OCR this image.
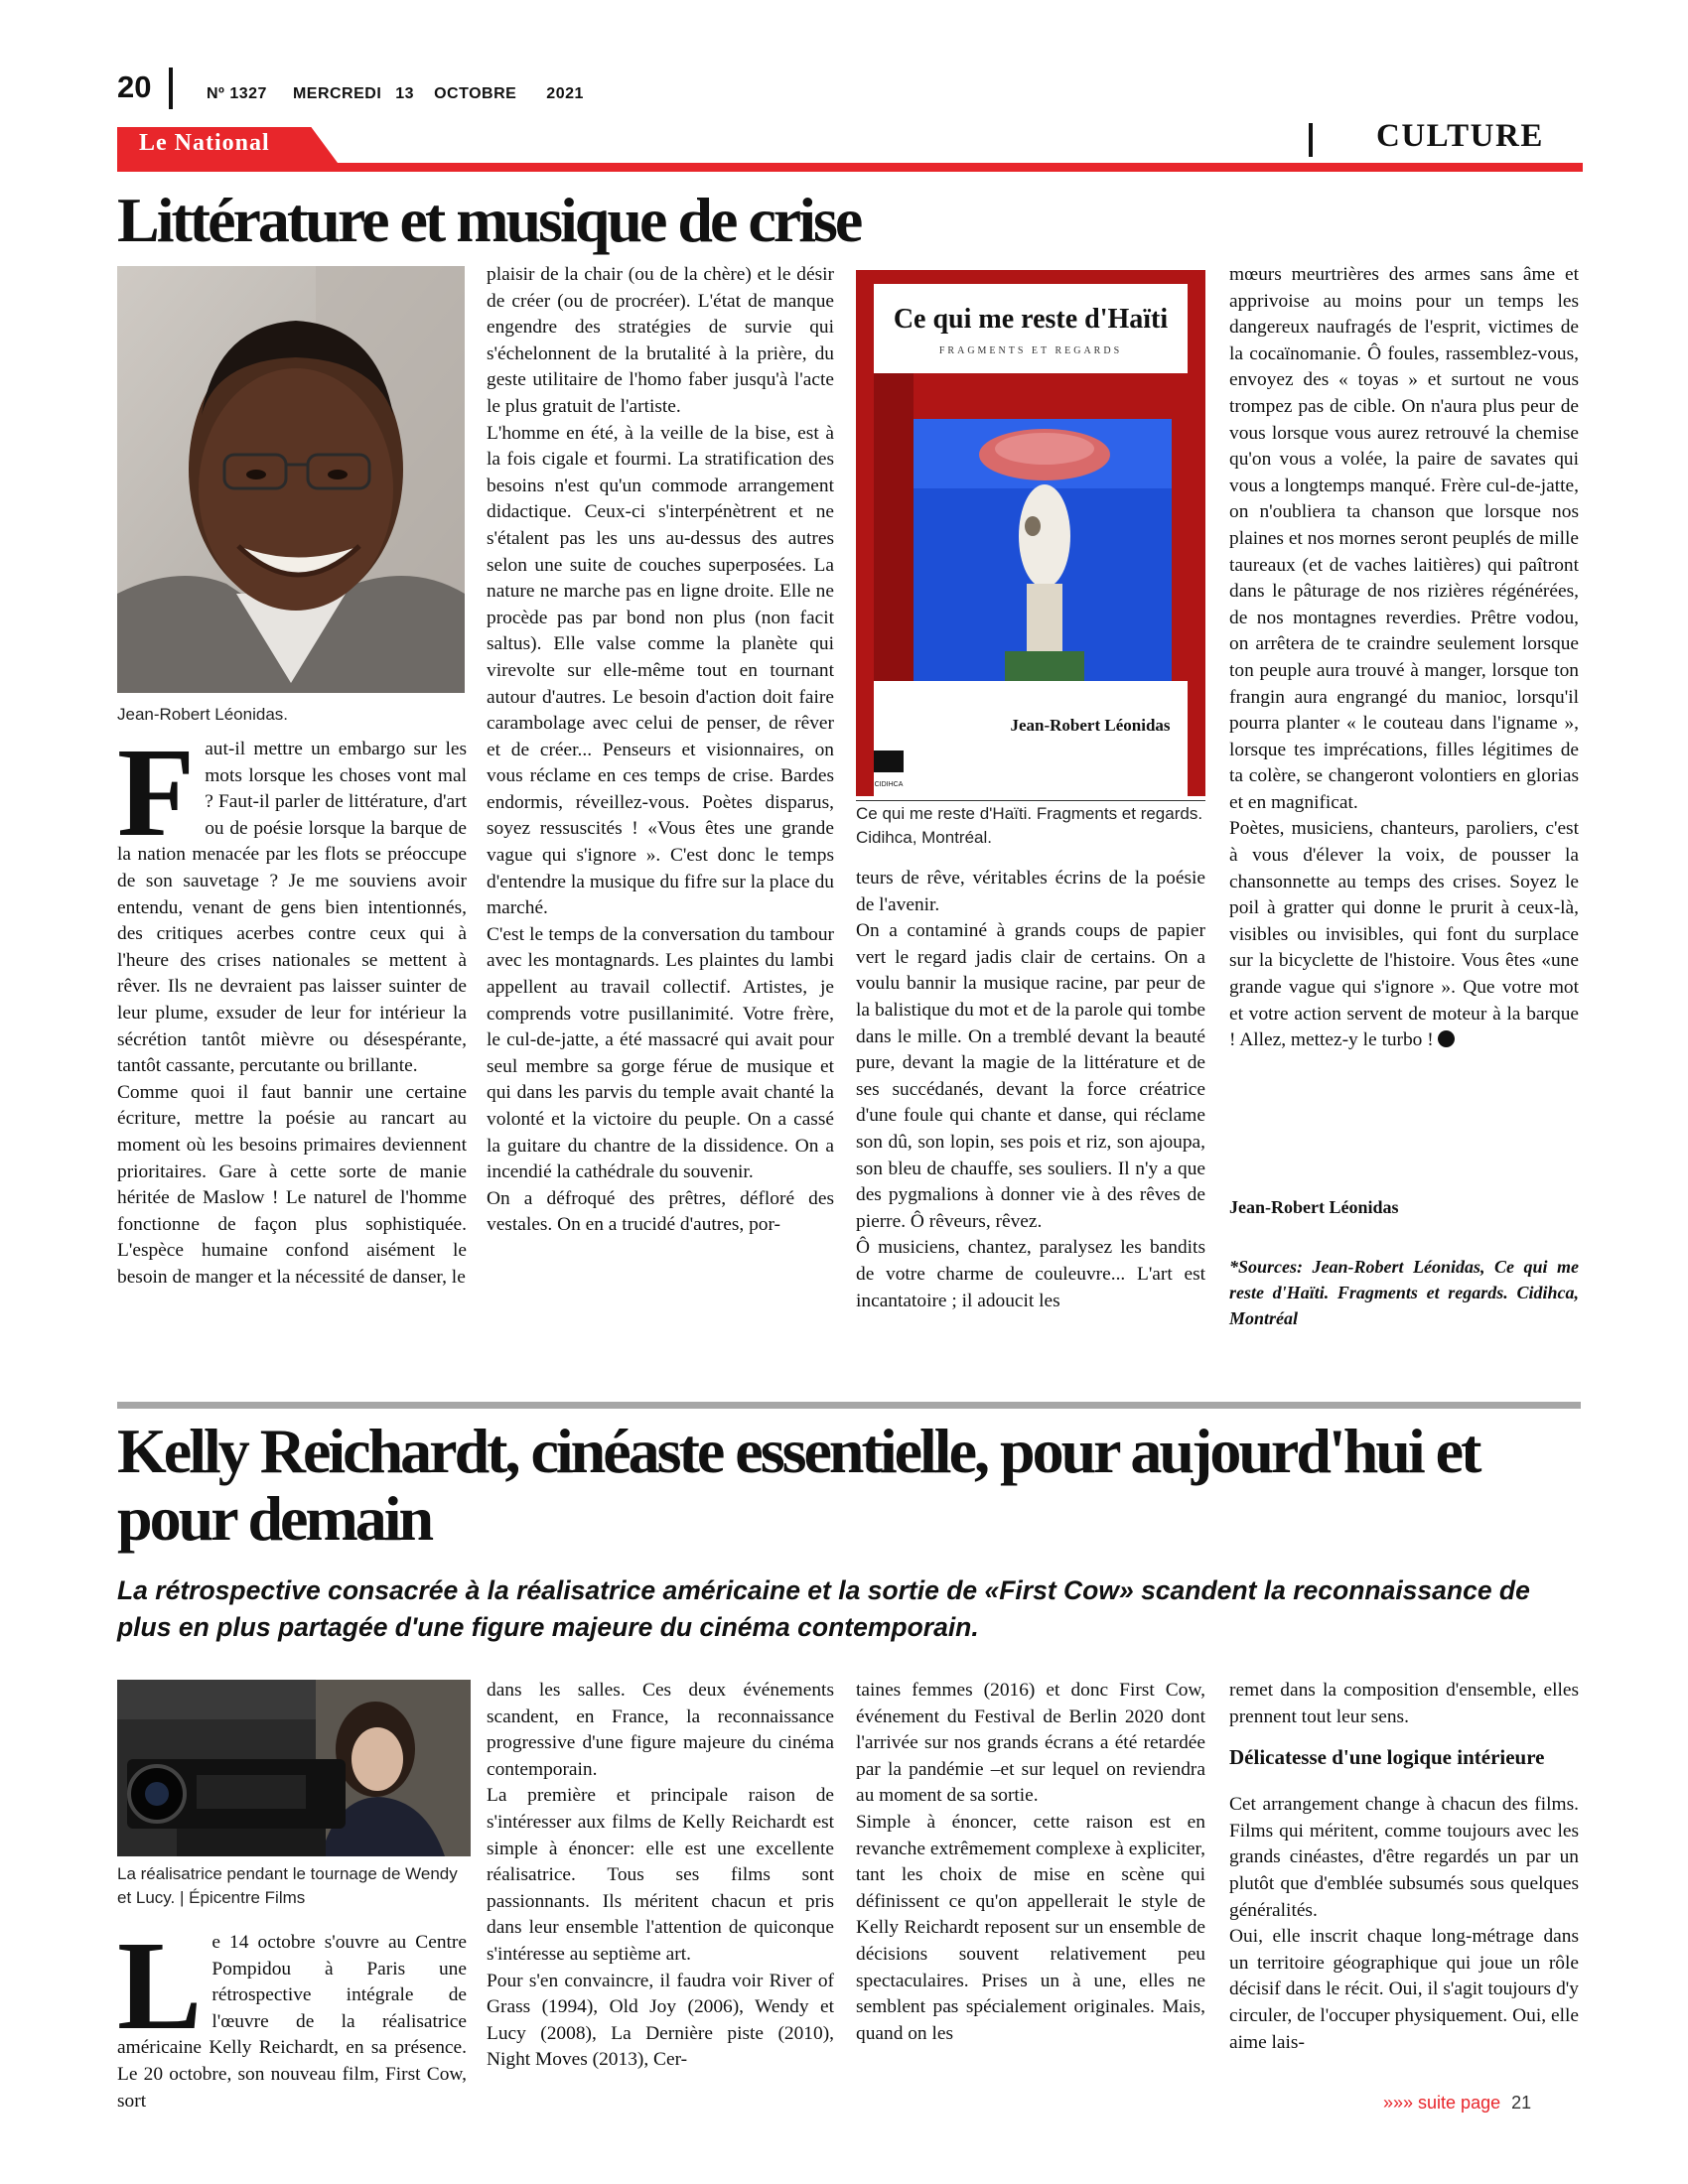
20	Nº 1327 MERCREDI 13 OCTOBRE 2021
Le National	CULTURE
Littérature et musique de crise
Jean-Robert Léonidas.
F aut-il mettre un embargo sur les mots lorsque les choses vont mal ? Faut-il parler de littérature, d'art ou de poésie lorsque la barque de la nation menacée par les flots se préoccupe de son sauvetage ? Je me souviens avoir entendu, venant de gens bien intentionnés, des critiques acerbes contre ceux qui à l'heure des crises nationales se mettent à rêver. Ils ne devraient pas laisser suinter de leur plume, exsuder de leur for intérieur la sécrétion tantôt mièvre ou désespérante, tantôt cassante, percutante ou brillante.

Comme quoi il faut bannir une certaine écriture, mettre la poésie au rancart au moment où les besoins primaires deviennent prioritaires. Gare à cette sorte de manie héritée de Maslow ! Le naturel de l'homme fonctionne de façon plus sophistiquée. L'espèce humaine confond aisément le besoin de manger et la nécessité de danser, le

plaisir de la chair (ou de la chère) et le désir de créer (ou de procréer). L'état de manque engendre des stratégies de survie qui s'échelonnent de la brutalité à la prière, du geste utilitaire de l'homo faber jusqu'à l'acte le plus gratuit de l'artiste.

L'homme en été, à la veille de la bise, est à la fois cigale et fourmi. La stratification des besoins n'est qu'un commode arrangement didactique. Ceux-ci s'interpénètrent et ne s'étalent pas les uns au-dessus des autres selon une suite de couches superposées. La nature ne marche pas en ligne droite. Elle ne procède pas par bond non plus (non facit saltus). Elle valse comme la planète qui virevolte sur elle-même tout en tournant autour d'autres. Le besoin d'action doit faire carambolage avec celui de penser, de rêver et de créer... Penseurs et visionnaires, on vous réclame en ces temps de crise. Bardes endormis, réveillez-vous. Poètes disparus, soyez ressuscités ! «Vous êtes une grande vague qui s'ignore ». C'est donc le temps d'entendre la musique du fifre sur la place du marché.

C'est le temps de la conversation du tambour avec les montagnards. Les plaintes du lambi appellent au travail collectif. Artistes, je comprends votre pusillanimité. Votre frère, le cul-de-jatte, a été massacré qui avait pour seul membre sa gorge férue de musique et qui dans les parvis du temple avait chanté la volonté et la victoire du peuple. On a cassé la guitare du chantre de la dissidence. On a incendié la cathédrale du souvenir.

On a défroqué des prêtres, défloré des vestales. On en a trucidé d'autres, por-

Ce qui me reste d'Haïti
FRAGMENTS ET REGARDS
Jean-Robert Léonidas
CIDIHCA
Ce qui me reste d'Haïti. Fragments et regards. Cidihca, Montréal.

teurs de rêve, véritables écrins de la poésie de l'avenir.

On a contaminé à grands coups de papier vert le regard jadis clair de certains. On a voulu bannir la musique racine, par peur de la balistique du mot et de la parole qui tombe dans le mille. On a tremblé devant la beauté pure, devant la magie de la littérature et de ses succédanés, devant la force créatrice d'une foule qui chante et danse, qui réclame son dû, son lopin, ses pois et riz, son ajoupa, son bleu de chauffe, ses souliers. Il n'y a que des pygmalions à donner vie à des rêves de pierre. Ô rêveurs, rêvez.

Ô musiciens, chantez, paralysez les bandits de votre charme de couleuvre... L'art est incantatoire ; il adoucit les

mœurs meurtrières des armes sans âme et apprivoise au moins pour un temps les dangereux naufragés de l'esprit, victimes de la cocaïnomanie. Ô foules, rassemblez-vous, envoyez des « toyas » et surtout ne vous trompez pas de cible. On n'aura plus peur de vous lorsque vous aurez retrouvé la chemise qu'on vous a volée, la paire de savates qui vous a longtemps manqué. Frère cul-de-jatte, on n'oubliera ta chanson que lorsque nos plaines et nos mornes seront peuplés de mille taureaux (et de vaches laitières) qui paîtront dans le pâturage de nos rizières régénérées, de nos montagnes reverdies. Prêtre vodou, on arrêtera de te craindre seulement lorsque ton peuple aura trouvé à manger, lorsque ton frangin aura engrangé du manioc, lorsqu'il pourra planter « le couteau dans l'igname », lorsque tes imprécations, filles légitimes de ta colère, se changeront volontiers en glorias et en magnificat.

Poètes, musiciens, chanteurs, paroliers, c'est à vous d'élever la voix, de pousser la chansonnette au temps des crises. Soyez le poil à gratter qui donne le prurit à ceux-là, visibles ou invisibles, qui font du surplace sur la bicyclette de l'histoire. Vous êtes «une grande vague qui s'ignore ». Que votre mot et votre action servent de moteur à la barque ! Allez, mettez-y le turbo !

Jean-Robert Léonidas
*Sources: Jean-Robert Léonidas, Ce qui me reste d'Haïti. Fragments et regards. Cidihca, Montréal
Kelly Reichardt, cinéaste essentielle, pour aujourd'hui et pour demain
La rétrospective consacrée à la réalisatrice américaine et la sortie de «First Cow» scandent la reconnaissance de plus en plus partagée d'une figure majeure du cinéma contemporain.
La réalisatrice pendant le tournage de Wendy et Lucy. | Épicentre Films
L e 14 octobre s'ouvre au Centre Pompidou à Paris une rétrospective intégrale de l'œuvre de la réalisatrice américaine Kelly Reichardt, en sa présence. Le 20 octobre, son nouveau film, First Cow, sort

dans les salles. Ces deux événements scandent, en France, la reconnaissance progressive d'une figure majeure du cinéma contemporain.

La première et principale raison de s'intéresser aux films de Kelly Reichardt est simple à énoncer: elle est une excellente réalisatrice. Tous ses films sont passionnants. Ils méritent chacun et pris dans leur ensemble l'attention de quiconque s'intéresse au septième art.

Pour s'en convaincre, il faudra voir River of Grass (1994), Old Joy (2006), Wendy et Lucy (2008), La Dernière piste (2010), Night Moves (2013), Cer-

taines femmes (2016) et donc First Cow, événement du Festival de Berlin 2020 dont l'arrivée sur nos grands écrans a été retardée par la pandémie –et sur lequel on reviendra au moment de sa sortie.

Simple à énoncer, cette raison est en revanche extrêmement complexe à expliciter, tant les choix de mise en scène qui définissent ce qu'on appellerait le style de Kelly Reichardt reposent sur un ensemble de décisions souvent relativement peu spectaculaires. Prises un à une, elles ne semblent pas spécialement originales. Mais, quand on les

remet dans la composition d'ensemble, elles prennent tout leur sens.

Délicatesse d'une logique intérieure

Cet arrangement change à chacun des films. Films qui méritent, comme toujours avec les grands cinéastes, d'être regardés un par un plutôt que d'emblée subsumés sous quelques généralités.

Oui, elle inscrit chaque long-métrage dans un territoire géographique qui joue un rôle décisif dans le récit. Oui, il s'agit toujours d'y circuler, de l'occuper physiquement. Oui, elle aime lais-

»»» suite page 21
